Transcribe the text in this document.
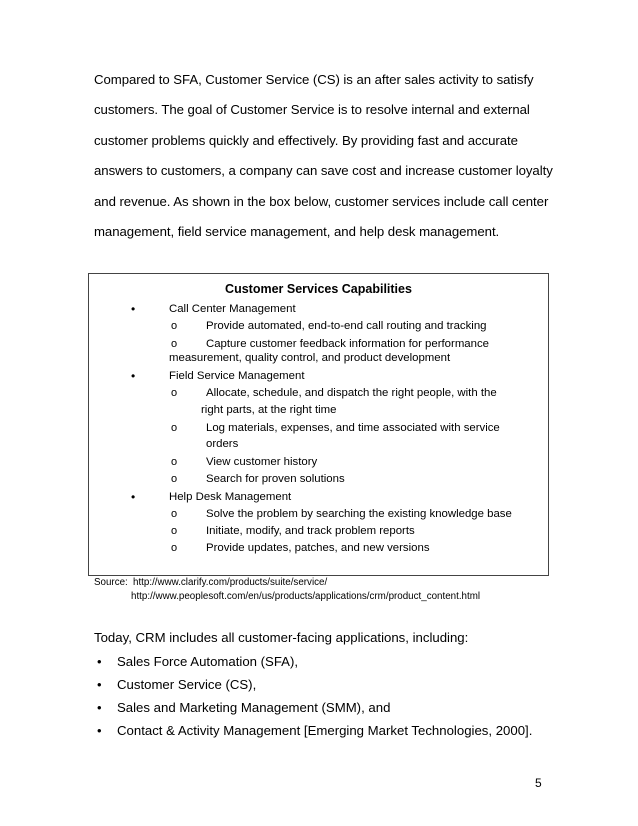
Compared to SFA, Customer Service (CS) is an after sales activity to satisfy
customers. The goal of Customer Service is to resolve internal and external
customer problems quickly and effectively. By providing fast and accurate
answers to customers, a company can save cost and increase customer loyalty
and revenue. As shown in the box below, customer services include call center
management, field service management, and help desk management.
Customer Services Capabilities
•	Call Center Management
o	Provide automated, end-to-end call routing and tracking
o	Capture customer feedback information for performance
measurement, quality control, and product development
•	Field Service Management
o	Allocate, schedule, and dispatch the right people, with the
right parts, at the right time
o	Log materials, expenses, and time associated with service
orders
o	View customer history
o	Search for proven solutions
•	Help Desk Management
o	Solve the problem by searching the existing knowledge base
o	Initiate, modify, and track problem reports
o	Provide updates, patches, and new versions
Source: http://www.clarify.com/products/suite/service/
http://www.peoplesoft.com/en/us/products/applications/crm/product_content.html
Today, CRM includes all customer-facing applications, including:
• Sales Force Automation (SFA),
• Customer Service (CS),
• Sales and Marketing Management (SMM), and
• Contact & Activity Management [Emerging Market Technologies, 2000].
5
